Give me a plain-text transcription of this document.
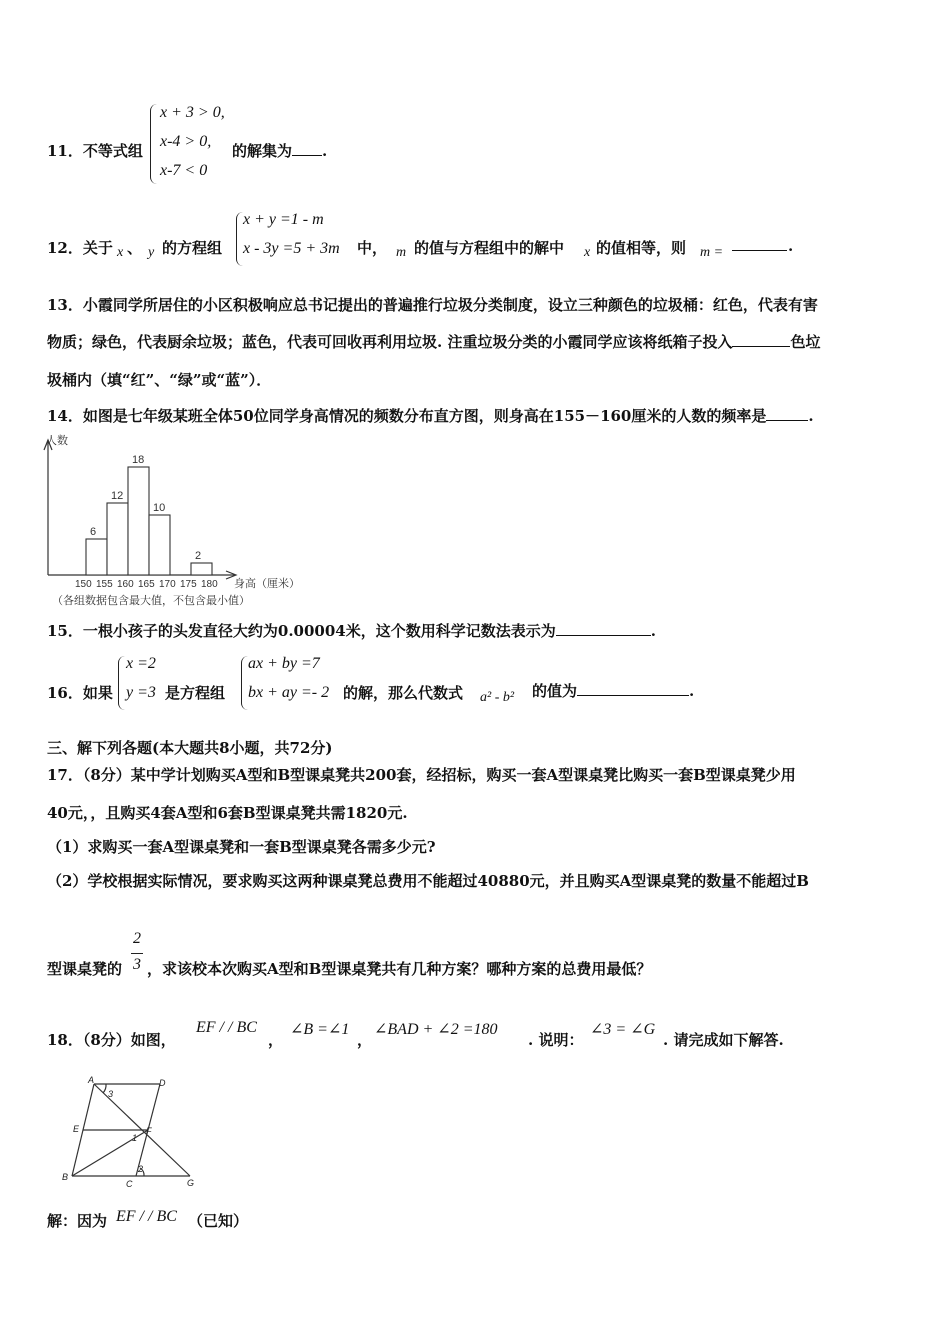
11．不等式组
x + 3 > 0,
x-4 > 0,
x-7 < 0
的解集为 .
12．关于 x 、 y 的方程组
x + y =1 - m
x - 3y =5 + 3m 中， m 的值与方程组中的解中 x 的值相等，则 m =	.
13．小霞同学所居住的小区积极响应总书记提出的普遍推行垃圾分类制度，设立三种颜色的垃圾桶：红色，代表有害
物质；绿色，代表厨余垃圾；蓝色，代表可回收再利用垃圾. 注重垃圾分类的小霞同学应该将纸箱子投入	色垃
圾桶内（填“红”、“绿”或“蓝”）．
14．如图是七年级某班全体50位同学身高情况的频数分布直方图，则身高在155－160厘米的人数的频率是	.
人数
身高（厘米）
6
12
18
10
2
150 155 160 165 170 175 180
（各组数据包含最大值，不包含最小值）
15．一根小孩子的头发直径大约为0.00004米，这个数用科学记数法表示为	.
16．如果
x =2
y =3 是方程组
ax + by =7
bx + ay =- 2 的解，那么代数式 a² - b² 的值为	.
三、解下列各题(本大题共8小题，共72分)
17．（8分）某中学计划购买A型和B型课桌凳共200套，经招标，购买一套A型课桌凳比购买一套B型课桌凳少用
40元，，且购买4套A型和6套B型课桌凳共需1820元.
（1）求购买一套A型课桌凳和一套B型课桌凳各需多少元?
（2）学校根据实际情况，要求购买这两种课桌凳总费用不能超过40880元，并且购买A型课桌凳的数量不能超过B
型课桌凳的
2
3 ，求该校本次购买A型和B型课桌凳共有几种方案？哪种方案的总费用最低？
18．（8分）如图，
EF / / BC
，
∠B =∠1
，
∠BAD + ∠2 =180
. 说明：
∠3 = ∠G
. 请完成如下解答.
A	D
E	F
B
C	G
1
2
3
解：因为 EF / / BC （已知）
